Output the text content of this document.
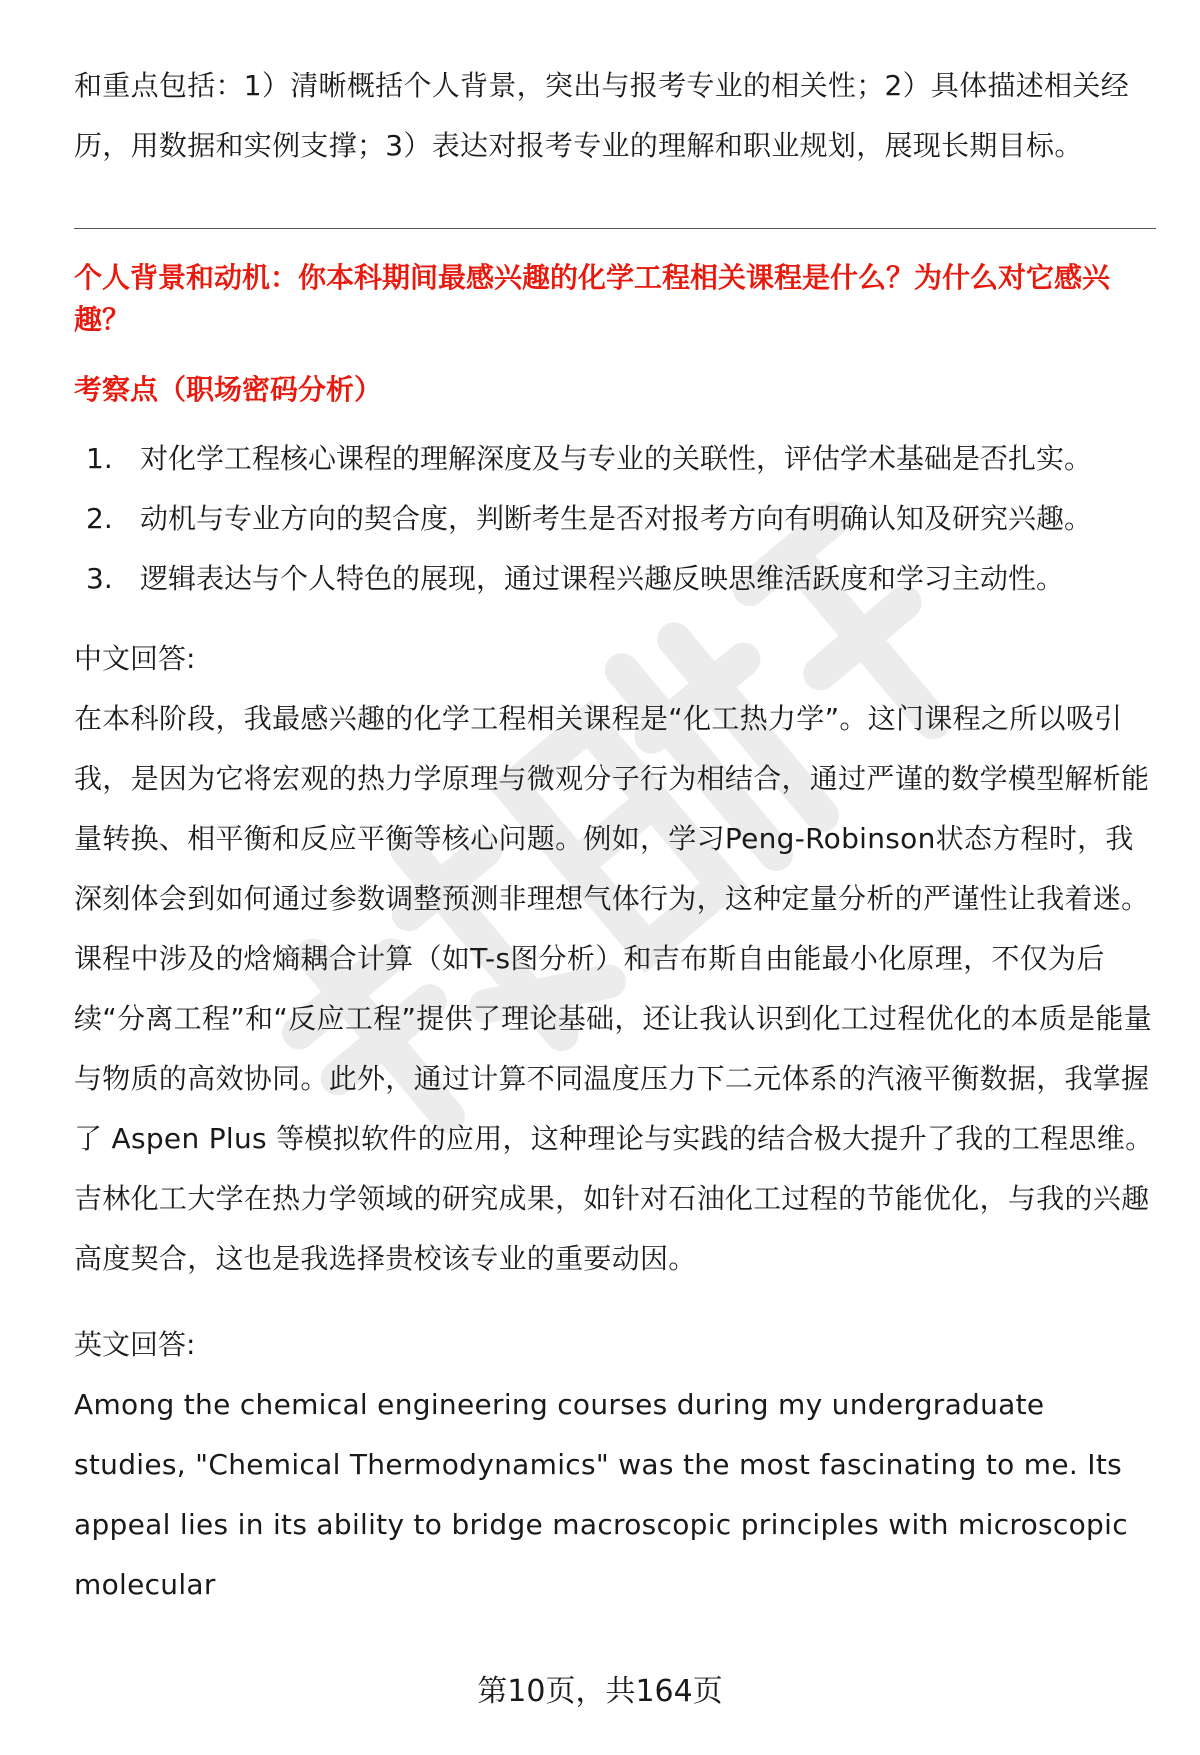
和重点包括：1）清晰概括个人背景，突出与报考专业的相关性；2）具体描述相关经历，用数据和实例支撑；3）表达对报考专业的理解和职业规划，展现长期目标。

个人背景和动机：你本科期间最感兴趣的化学工程相关课程是什么？为什么对它感兴趣？

考察点（职场密码分析）

1. 对化学工程核心课程的理解深度及与专业的关联性，评估学术基础是否扎实。
2. 动机与专业方向的契合度，判断考生是否对报考方向有明确认知及研究兴趣。
3. 逻辑表达与个人特色的展现，通过课程兴趣反映思维活跃度和学习主动性。

中文回答:

在本科阶段，我最感兴趣的化学工程相关课程是“化工热力学”。这门课程之所以吸引我，是因为它将宏观的热力学原理与微观分子行为相结合，通过严谨的数学模型解析能量转换、相平衡和反应平衡等核心问题。例如，学习Peng-Robinson状态方程时，我深刻体会到如何通过参数调整预测非理想气体行为，这种定量分析的严谨性让我着迷。课程中涉及的焓熵耦合计算（如T-s图分析）和吉布斯自由能最小化原理，不仅为后续“分离工程”和“反应工程”提供了理论基础，还让我认识到化工过程优化的本质是能量与物质的高效协同。此外，通过计算不同温度压力下二元体系的汽液平衡数据，我掌握了 Aspen Plus 等模拟软件的应用，这种理论与实践的结合极大提升了我的工程思维。吉林化工大学在热力学领域的研究成果，如针对石油化工过程的节能优化，与我的兴趣高度契合，这也是我选择贵校该专业的重要动因。

英文回答:

Among the chemical engineering courses during my undergraduate studies, "Chemical Thermodynamics" was the most fascinating to me. Its appeal lies in its ability to bridge macroscopic principles with microscopic molecular

第10页，共164页
